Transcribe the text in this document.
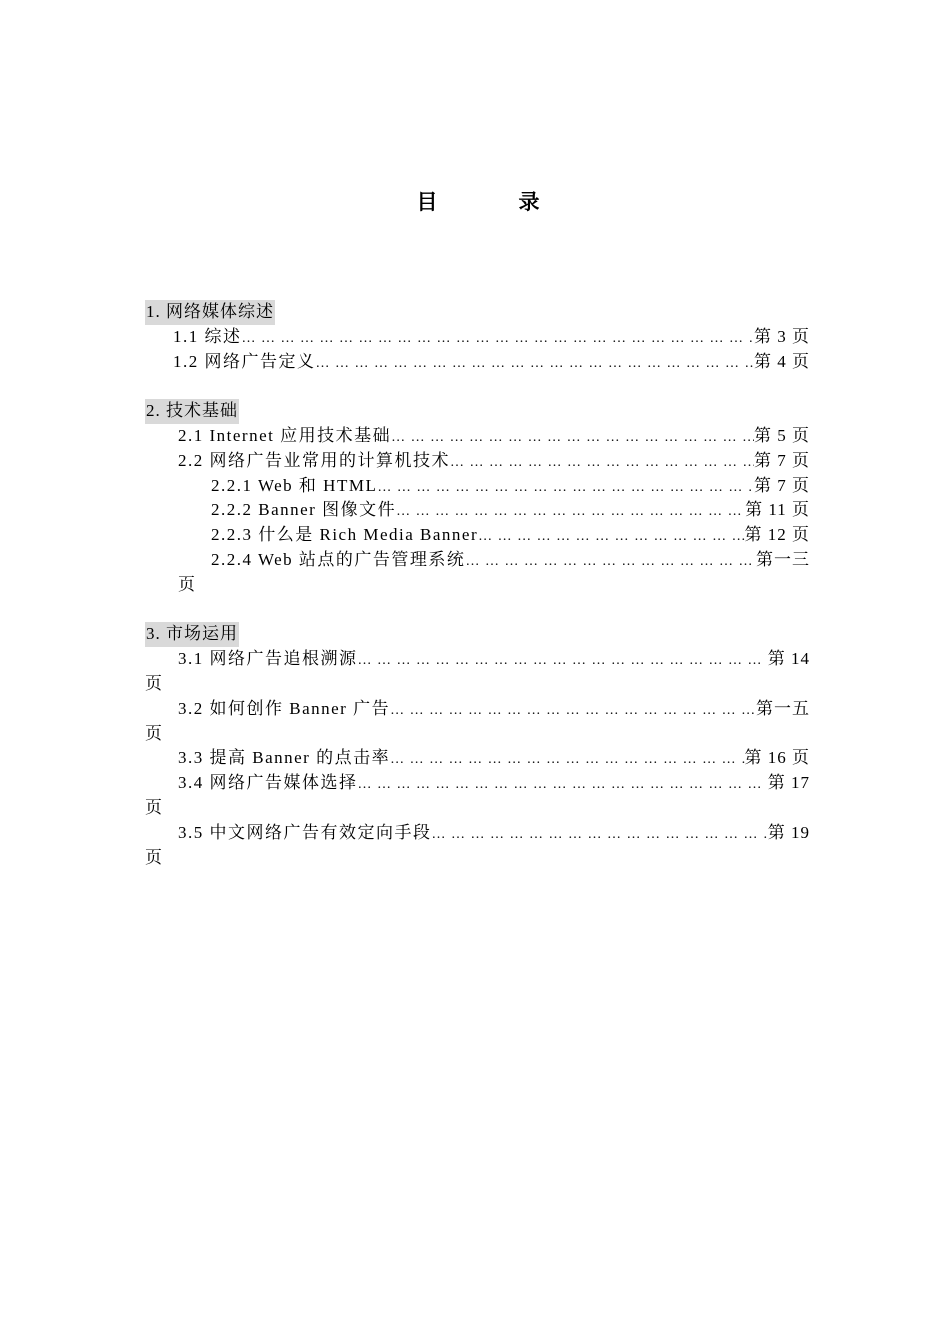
目　录
1. 网络媒体综述
1.1 综述 … … … … … … … … … … … … … … … … … … … … … … … … … … … … … … … … … … … … … … … … … … … … …	第 3 页
1.2 网络广告定义 … … … … … … … … … … … … … … … … … … … … … … … … … … … … … … … … … … … … … … … … … … … … …	第 4 页
2. 技术基础
2.1 Internet 应用技术基础 … … … … … … … … … … … … … … … … … … … … … … … … … … … … … … … … … … … … … … … … … … … … …	第 5 页
2.2 网络广告业常用的计算机技术 … … … … … … … … … … … … … … … … … … … … … … … … … … … … … … … … … … … … … … … … … … … … …	第 7 页
2.2.1 Web 和 HTML … … … … … … … … … … … … … … … … … … … … … … … … … … … … … … … … … … … … … … … … … … … … …	第 7 页
2.2.2 Banner 图像文件 … … … … … … … … … … … … … … … … … … … … … … … … … … … … … … … … … … … … … … … … … … … … …	第 11 页
2.2.3 什么是 Rich Media Banner … … … … … … … … … … … … … … … … … … … … … … … … … … … … … … … … … … … … … … … … … … … … …	第 12 页
2.2.4 Web 站点的广告管理系统 … … … … … … … … … … … … … … … … … … … … … … … … … … … … … … … … … … … … … … … … … … … … …	第一三
页
3. 市场运用
3.1 网络广告追根溯源 … … … … … … … … … … … … … … … … … … … … … … … … … … … … … … … … … … … … … … … … … … … … …	第 14
页
3.2 如何创作 Banner 广告 … … … … … … … … … … … … … … … … … … … … … … … … … … … … … … … … … … … … … … … … … … … … …	第一五
页
3.3 提高 Banner 的点击率 … … … … … … … … … … … … … … … … … … … … … … … … … … … … … … … … … … … … … … … … … … … … …	第 16 页
3.4 网络广告媒体选择 … … … … … … … … … … … … … … … … … … … … … … … … … … … … … … … … … … … … … … … … … … … … …	第 17
页
3.5 中文网络广告有效定向手段 … … … … … … … … … … … … … … … … … … … … … … … … … … … … … … … … … … … … … … … … … … … … …	第 19
页
